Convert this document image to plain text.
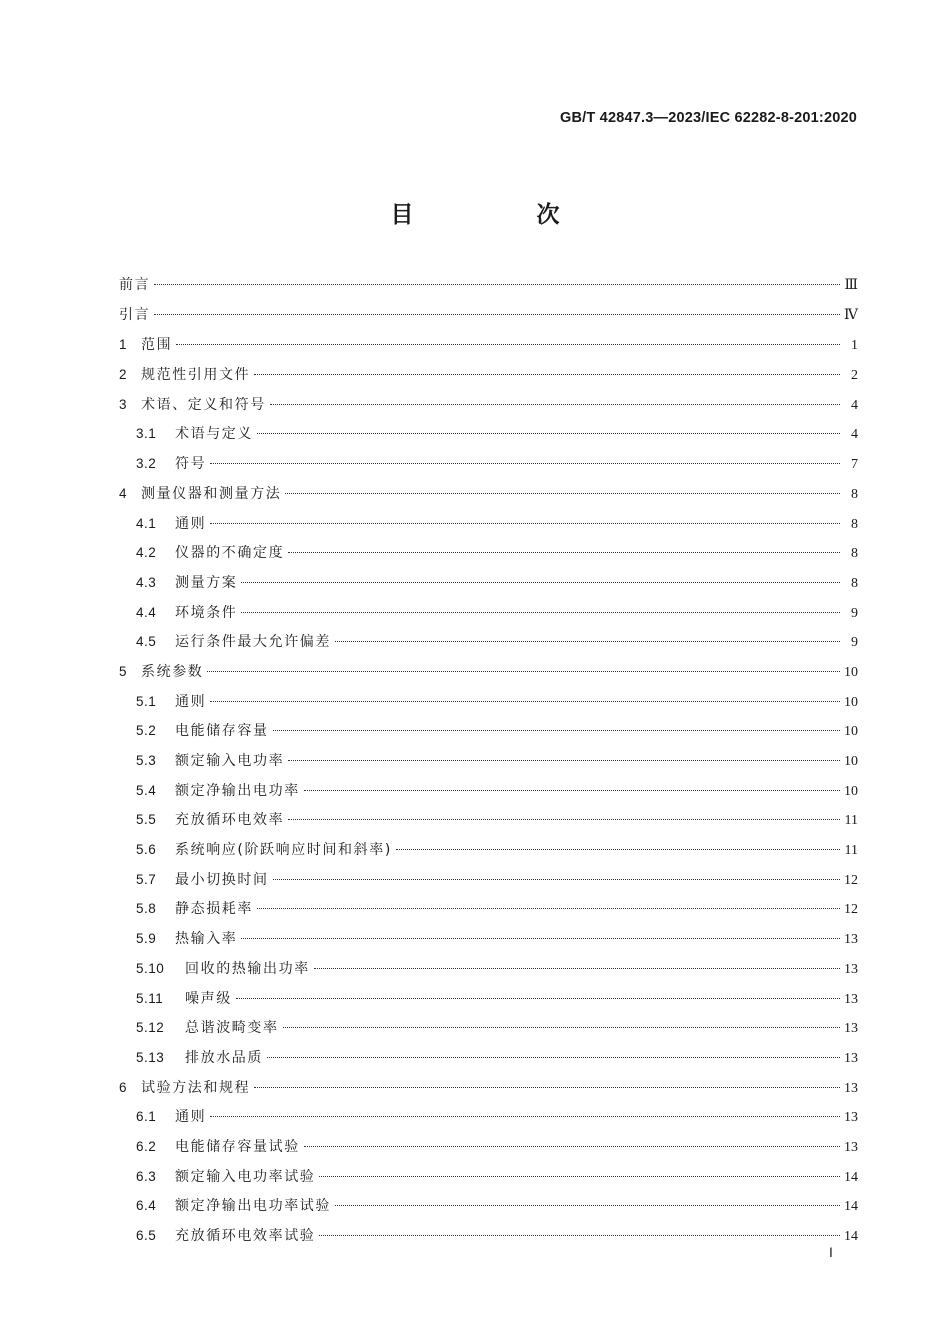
GB/T 42847.3—2023/IEC 62282-8-201:2020
目　次
前言	Ⅲ
引言	Ⅳ
1 范围	1
2 规范性引用文件	2
3 术语、定义和符号	4
3.1	术语与定义	4
3.2	符号	7
4 测量仪器和测量方法	8
4.1	通则	8
4.2	仪器的不确定度	8
4.3	测量方案	8
4.4	环境条件	9
4.5	运行条件最大允许偏差	9
5 系统参数	10
5.1	通则	10
5.2	电能储存容量	10
5.3	额定输入电功率	10
5.4	额定净输出电功率	10
5.5	充放循环电效率	11
5.6	系统响应(阶跃响应时间和斜率)	11
5.7	最小切换时间	12
5.8	静态损耗率	12
5.9	热输入率	13
5.10	回收的热输出功率	13
5.11	噪声级	13
5.12	总谐波畸变率	13
5.13	排放水品质	13
6 试验方法和规程	13
6.1	通则	13
6.2	电能储存容量试验	13
6.3	额定输入电功率试验	14
6.4	额定净输出电功率试验	14
6.5	充放循环电效率试验	14
Ⅰ
